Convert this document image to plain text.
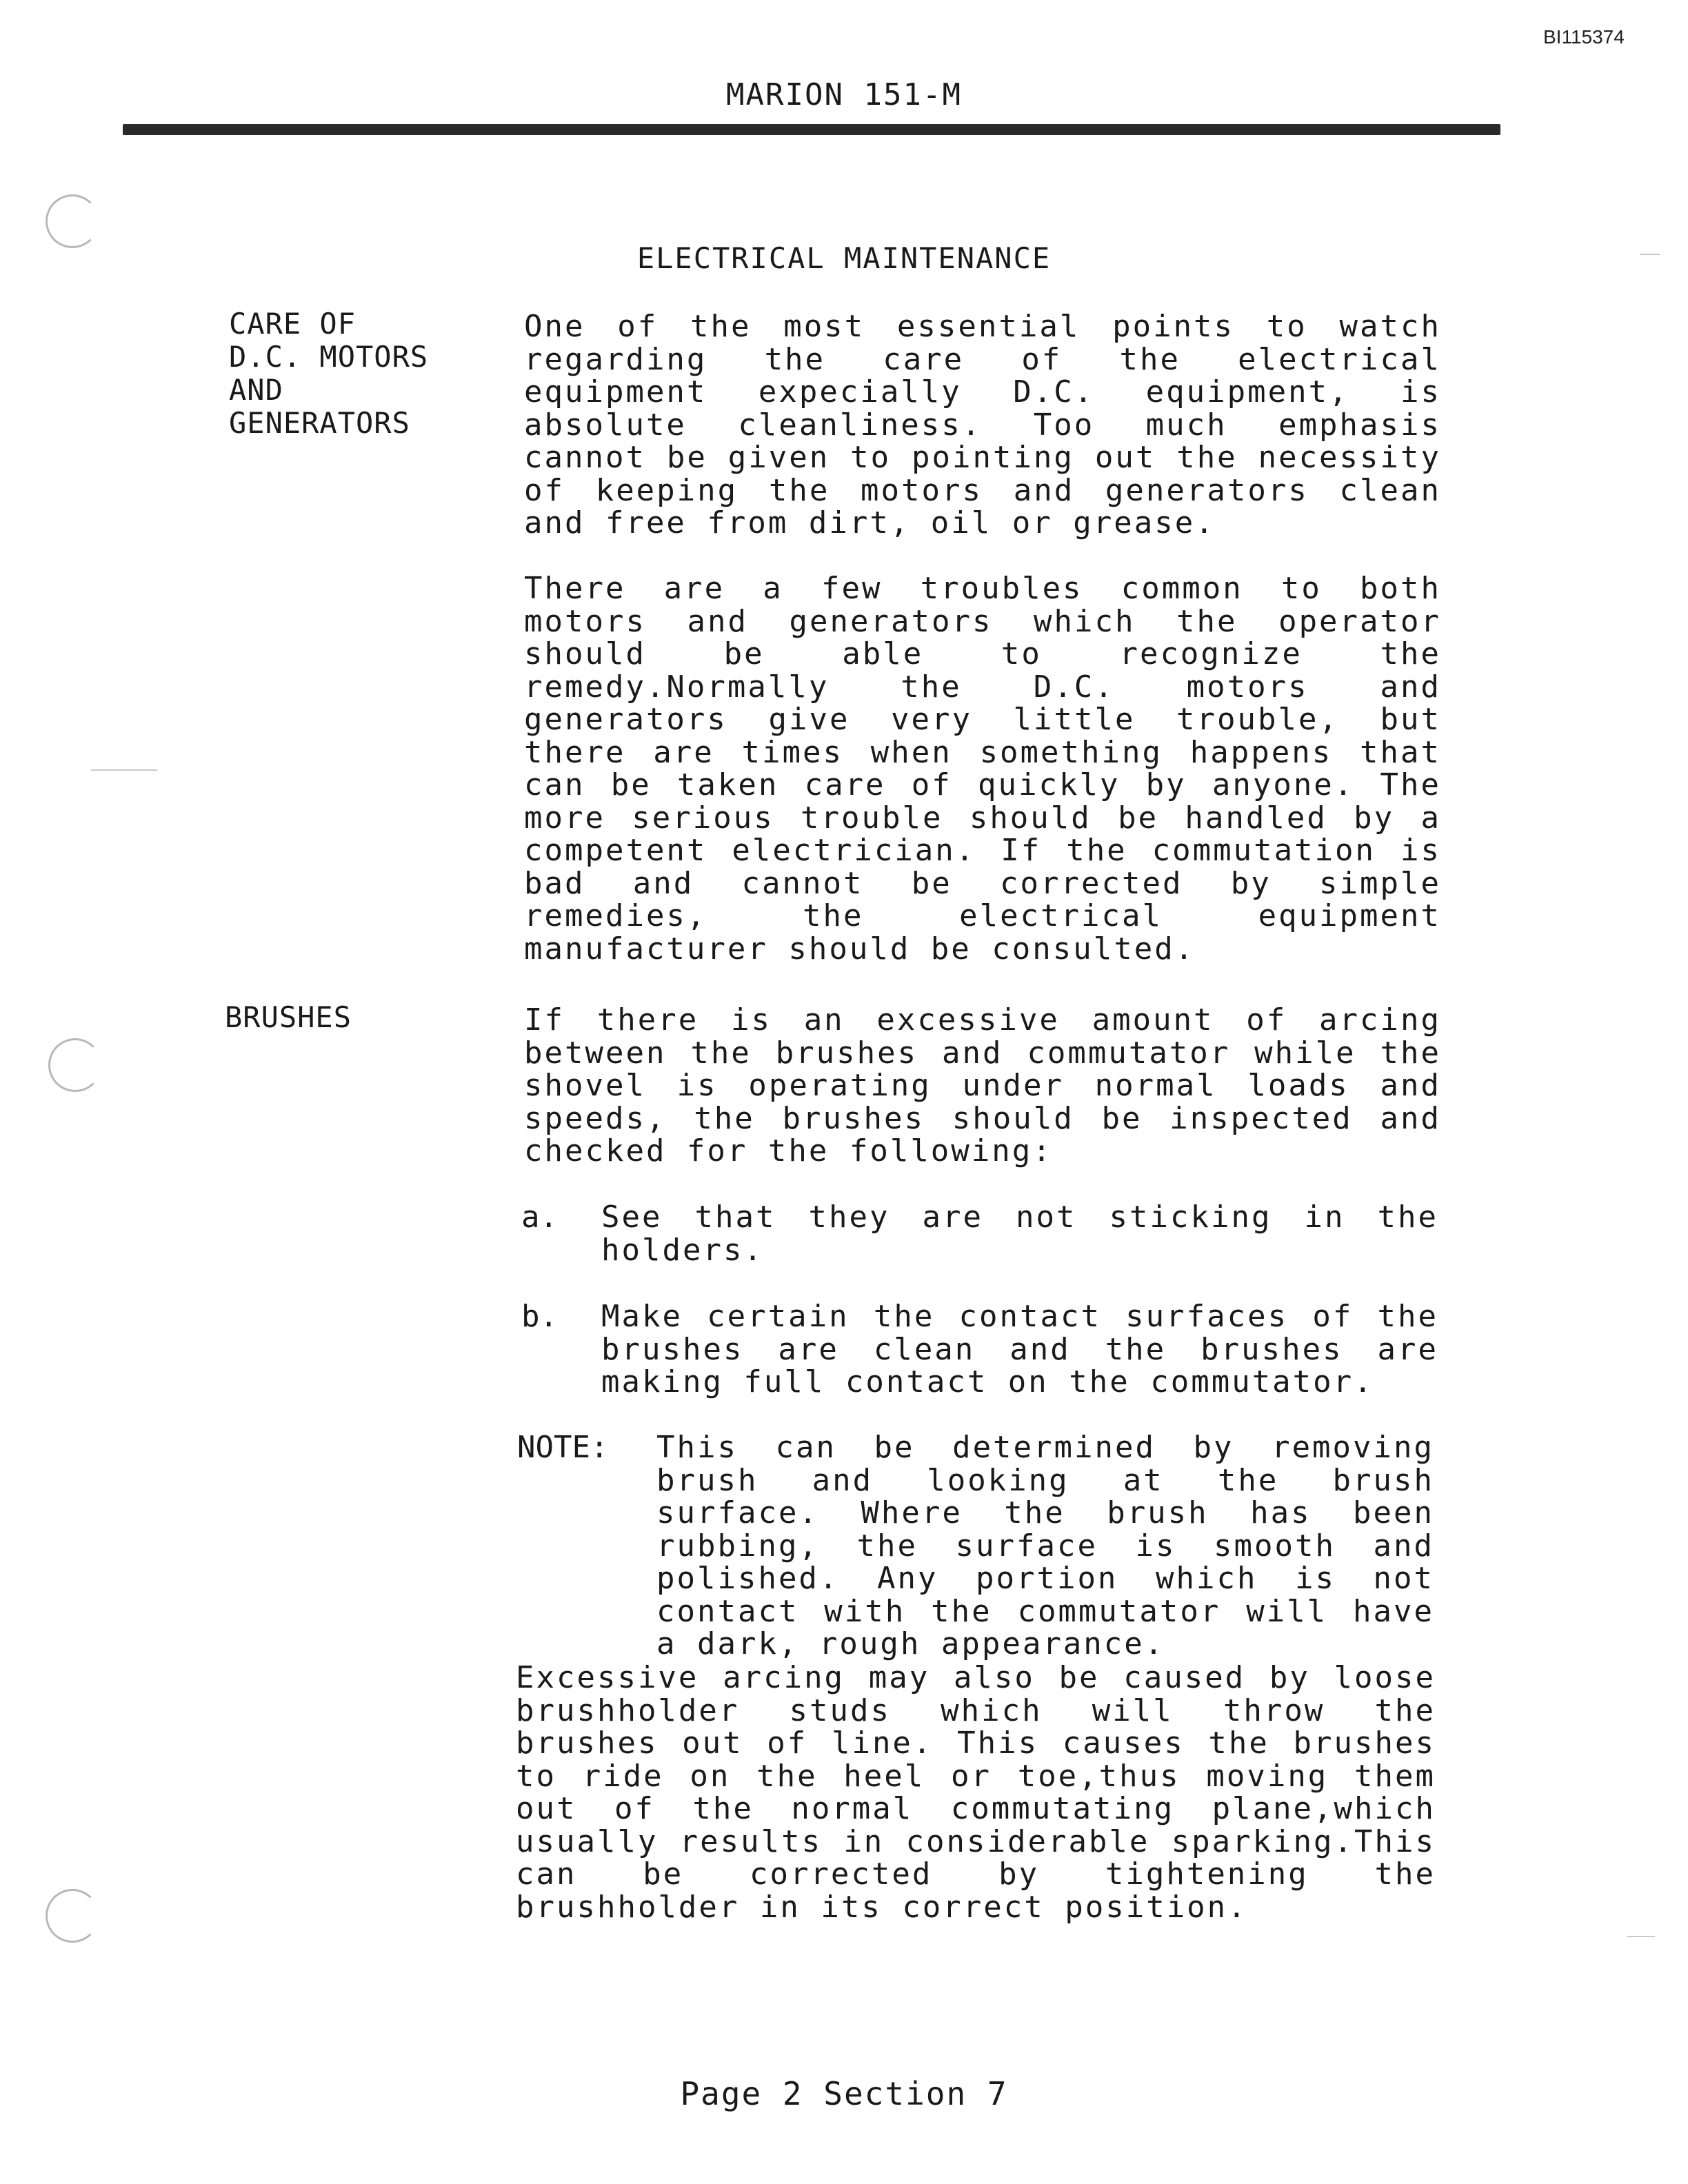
BI115374
MARION 151-M
ELECTRICAL MAINTENANCE
CARE OF
D.C. MOTORS
AND
GENERATORS
One of the most essential points to watch regarding the care of the electrical equipment expecially D.C. equipment, is absolute cleanliness. Too much emphasis cannot be given to pointing out the necessity of keeping the motors and generators clean and free from dirt, oil or grease.
There are a few troubles common to both motors and generators which the operator should be able to recognize the remedy.Normally the D.C. motors and generators give very little trouble, but there are times when something happens that can be taken care of quickly by anyone. The more serious trouble should be handled by a competent electrician. If the commutation is bad and cannot be corrected by simple remedies, the electrical equipment manufacturer should be consulted.
BRUSHES	If there is an excessive amount of arcing between the brushes and commutator while the shovel is operating under normal loads and speeds, the brushes should be inspected and checked for the following:
a. See that they are not sticking in the holders.
b. Make certain the contact surfaces of the brushes are clean and the brushes are making full contact on the commutator.
NOTE: This can be determined by removing brush and looking at the brush surface. Where the brush has been rubbing, the surface is smooth and polished. Any portion which is not contact with the commutator will have a dark, rough appearance.
Excessive arcing may also be caused by loose brushholder studs which will throw the brushes out of line. This causes the brushes to ride on the heel or toe,thus moving them out of the normal commutating plane,which usually results in considerable sparking.This can be corrected by tightening the brushholder in its correct position.
Page 2 Section 7
